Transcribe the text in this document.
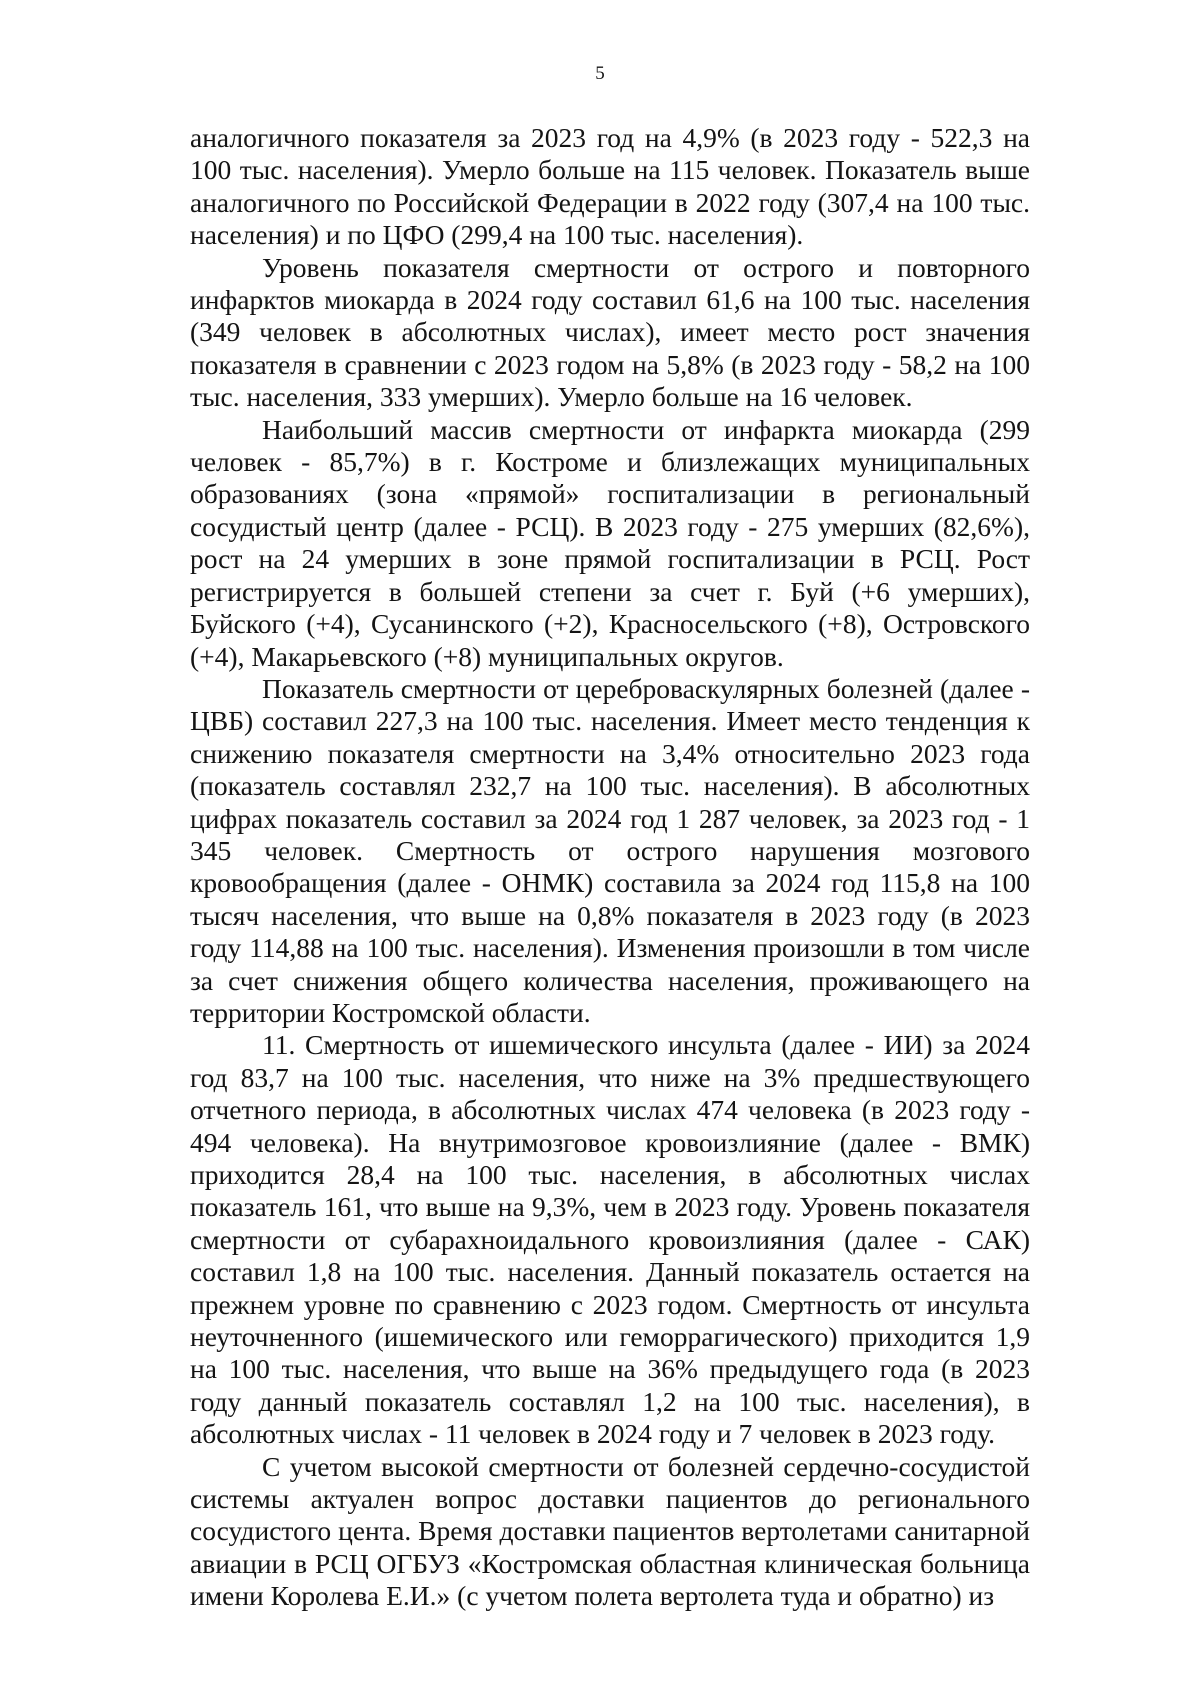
5

аналогичного показателя за 2023 год на 4,9% (в 2023 году - 522,3 на 100 тыс. населения). Умерло больше на 115 человек. Показатель выше аналогичного по Российской Федерации в 2022 году (307,4 на 100 тыс. населения) и по ЦФО (299,4 на 100 тыс. населения).

Уровень показателя смертности от острого и повторного инфарктов миокарда в 2024 году составил 61,6 на 100 тыс. населения (349 человек в абсолютных числах), имеет место рост значения показателя в сравнении с 2023 годом на 5,8% (в 2023 году - 58,2 на 100 тыс. населения, 333 умерших). Умерло больше на 16 человек.

Наибольший массив смертности от инфаркта миокарда (299 человек - 85,7%) в г. Костроме и близлежащих муниципальных образованиях (зона «прямой» госпитализации в региональный сосудистый центр (далее - РСЦ). В 2023 году - 275 умерших (82,6%), рост на 24 умерших в зоне прямой госпитализации в РСЦ. Рост регистрируется в большей степени за счет г. Буй (+6 умерших), Буйского (+4), Сусанинского (+2), Красносельского (+8), Островского (+4), Макарьевского (+8) муниципальных округов.

Показатель смертности от цереброваскулярных болезней (далее - ЦВБ) составил 227,3 на 100 тыс. населения. Имеет место тенденция к снижению показателя смертности на 3,4% относительно 2023 года (показатель составлял 232,7 на 100 тыс. населения). В абсолютных цифрах показатель составил за 2024 год 1 287 человек, за 2023 год - 1 345 человек. Смертность от острого нарушения мозгового кровообращения (далее - ОНМК) составила за 2024 год 115,8 на 100 тысяч населения, что выше на 0,8% показателя в 2023 году (в 2023 году 114,88 на 100 тыс. населения). Изменения произошли в том числе за счет снижения общего количества населения, проживающего на территории Костромской области.

11. Смертность от ишемического инсульта (далее - ИИ) за 2024 год 83,7 на 100 тыс. населения, что ниже на 3% предшествующего отчетного периода, в абсолютных числах 474 человека (в 2023 году - 494 человека). На внутримозговое кровоизлияние (далее - ВМК) приходится 28,4 на 100 тыс. населения, в абсолютных числах показатель 161, что выше на 9,3%, чем в 2023 году. Уровень показателя смертности от субарахноидального кровоизлияния (далее - САК) составил 1,8 на 100 тыс. населения. Данный показатель остается на прежнем уровне по сравнению с 2023 годом. Смертность от инсульта неуточненного (ишемического или геморрагического) приходится 1,9 на 100 тыс. населения, что выше на 36% предыдущего года (в 2023 году данный показатель составлял 1,2 на 100 тыс. населения), в абсолютных числах - 11 человек в 2024 году и 7 человек в 2023 году.

С учетом высокой смертности от болезней сердечно-сосудистой системы актуален вопрос доставки пациентов до регионального сосудистого цента. Время доставки пациентов вертолетами санитарной авиации в РСЦ ОГБУЗ «Костромская областная клиническая больница имени Королева Е.И.» (с учетом полета вертолета туда и обратно) из
